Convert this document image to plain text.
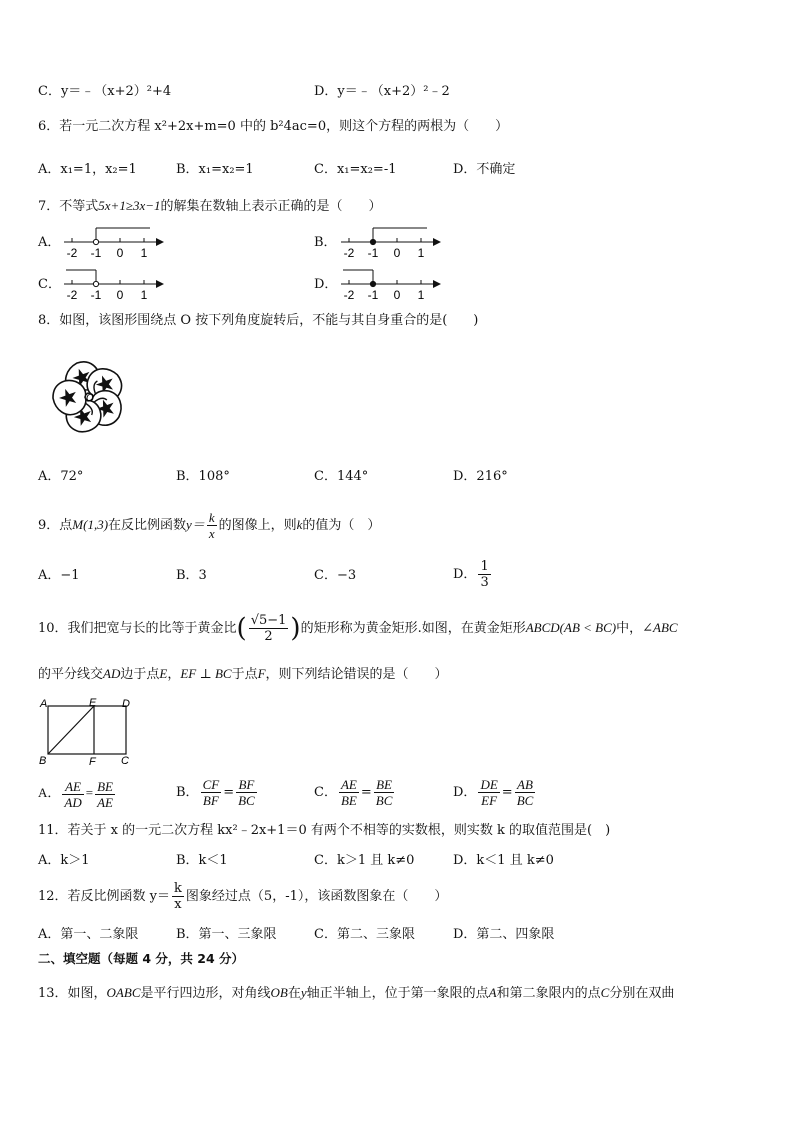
C．y＝﹣（x+2）²+4	D．y＝﹣（x+2）²﹣2
6．若一元二次方程 x²+2x+m=0 中的 b²4ac=0，则这个方程的两根为（　　）
A．x₁=1，x₂=1	B．x₁=x₂=1	C．x₁=x₂=-1	D．不确定
7．不等式5x+1≥3x−1的解集在数轴上表示正确的是（　　）
A．
-2 -1 0 1
B．
-2 -1 0 1
C．
-2 -1 0 1
D．
-2 -1 0 1
8．如图，该图形围绕点 O 按下列角度旋转后，不能与其自身重合的是(　　)
O
A．72°	B．108°	C．144°	D．216°
9．点M(1,3)在反比例函数$y= \frac{k}{x}$ 的图像上，则k的值为（　）
A．−1	B．3	C．−3	D． $\frac{1}{3}$
10．我们把宽与长的比等于黄金比( $\frac{√5-1}{2}$ )的矩形称为黄金矩形.如图，在黄金矩形ABCD(AB < BC)中，∠ABC
的平分线交AD边于点E，EF ⊥ BC于点F，则下列结论错误的是（　　）
A	E D
B	F C
A． $\frac{AE}{AD} = \frac{BE}{AE}$	B． $\frac{CF}{BF} = \frac{BF}{BC}$	C． $\frac{AE}{BE} = \frac{BE}{BC}$	D． $\frac{DE}{EF} = \frac{AB}{BC}$
11．若关于 x 的一元二次方程 kx²﹣2x+1＝0 有两个不相等的实数根，则实数 k 的取值范围是(　)
A．k＞1	B．k＜1	C．k＞1 且 k≠0	D．k＜1 且 k≠0
12．若反比例函数 $y= \frac{k}{x}$ 图象经过点（5，-1），该函数图象在（　　）
A．第一、二象限	B．第一、三象限	C．第二、三象限	D．第二、四象限
二、填空题（每题 4 分，共 24 分）
13．如图，OABC是平行四边形，对角线OB在y轴正半轴上，位于第一象限的点A和第二象限内的点C分别在双曲
